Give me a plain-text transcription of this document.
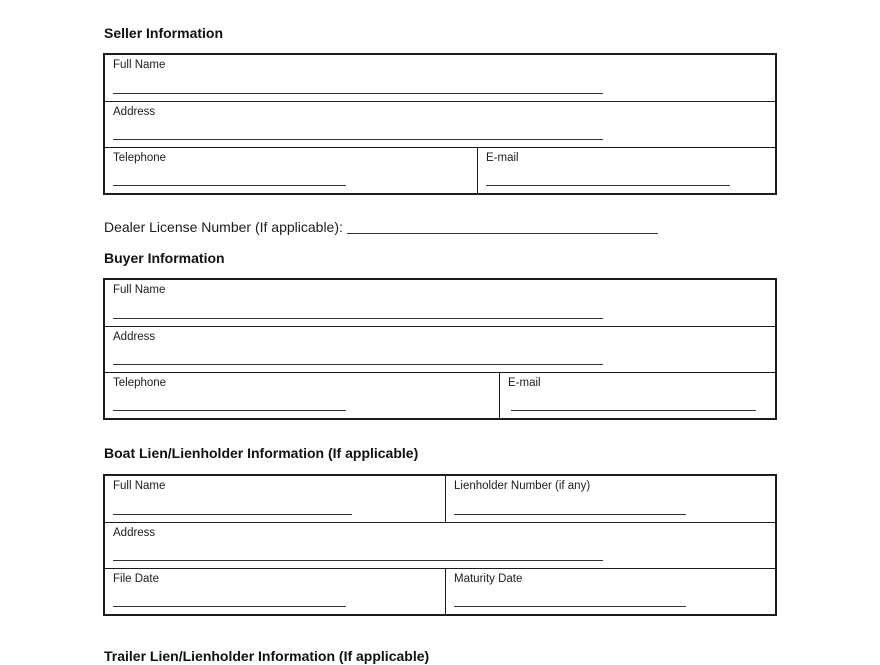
Seller Information
Full Name
Address
Telephone	E-mail
Dealer License Number (If applicable):
Buyer Information
Full Name
Address
Telephone	E-mail
Boat Lien/Lienholder Information (If applicable)
Full Name	Lienholder Number (if any)
Address
File Date	Maturity Date
Trailer Lien/Lienholder Information (If applicable)
